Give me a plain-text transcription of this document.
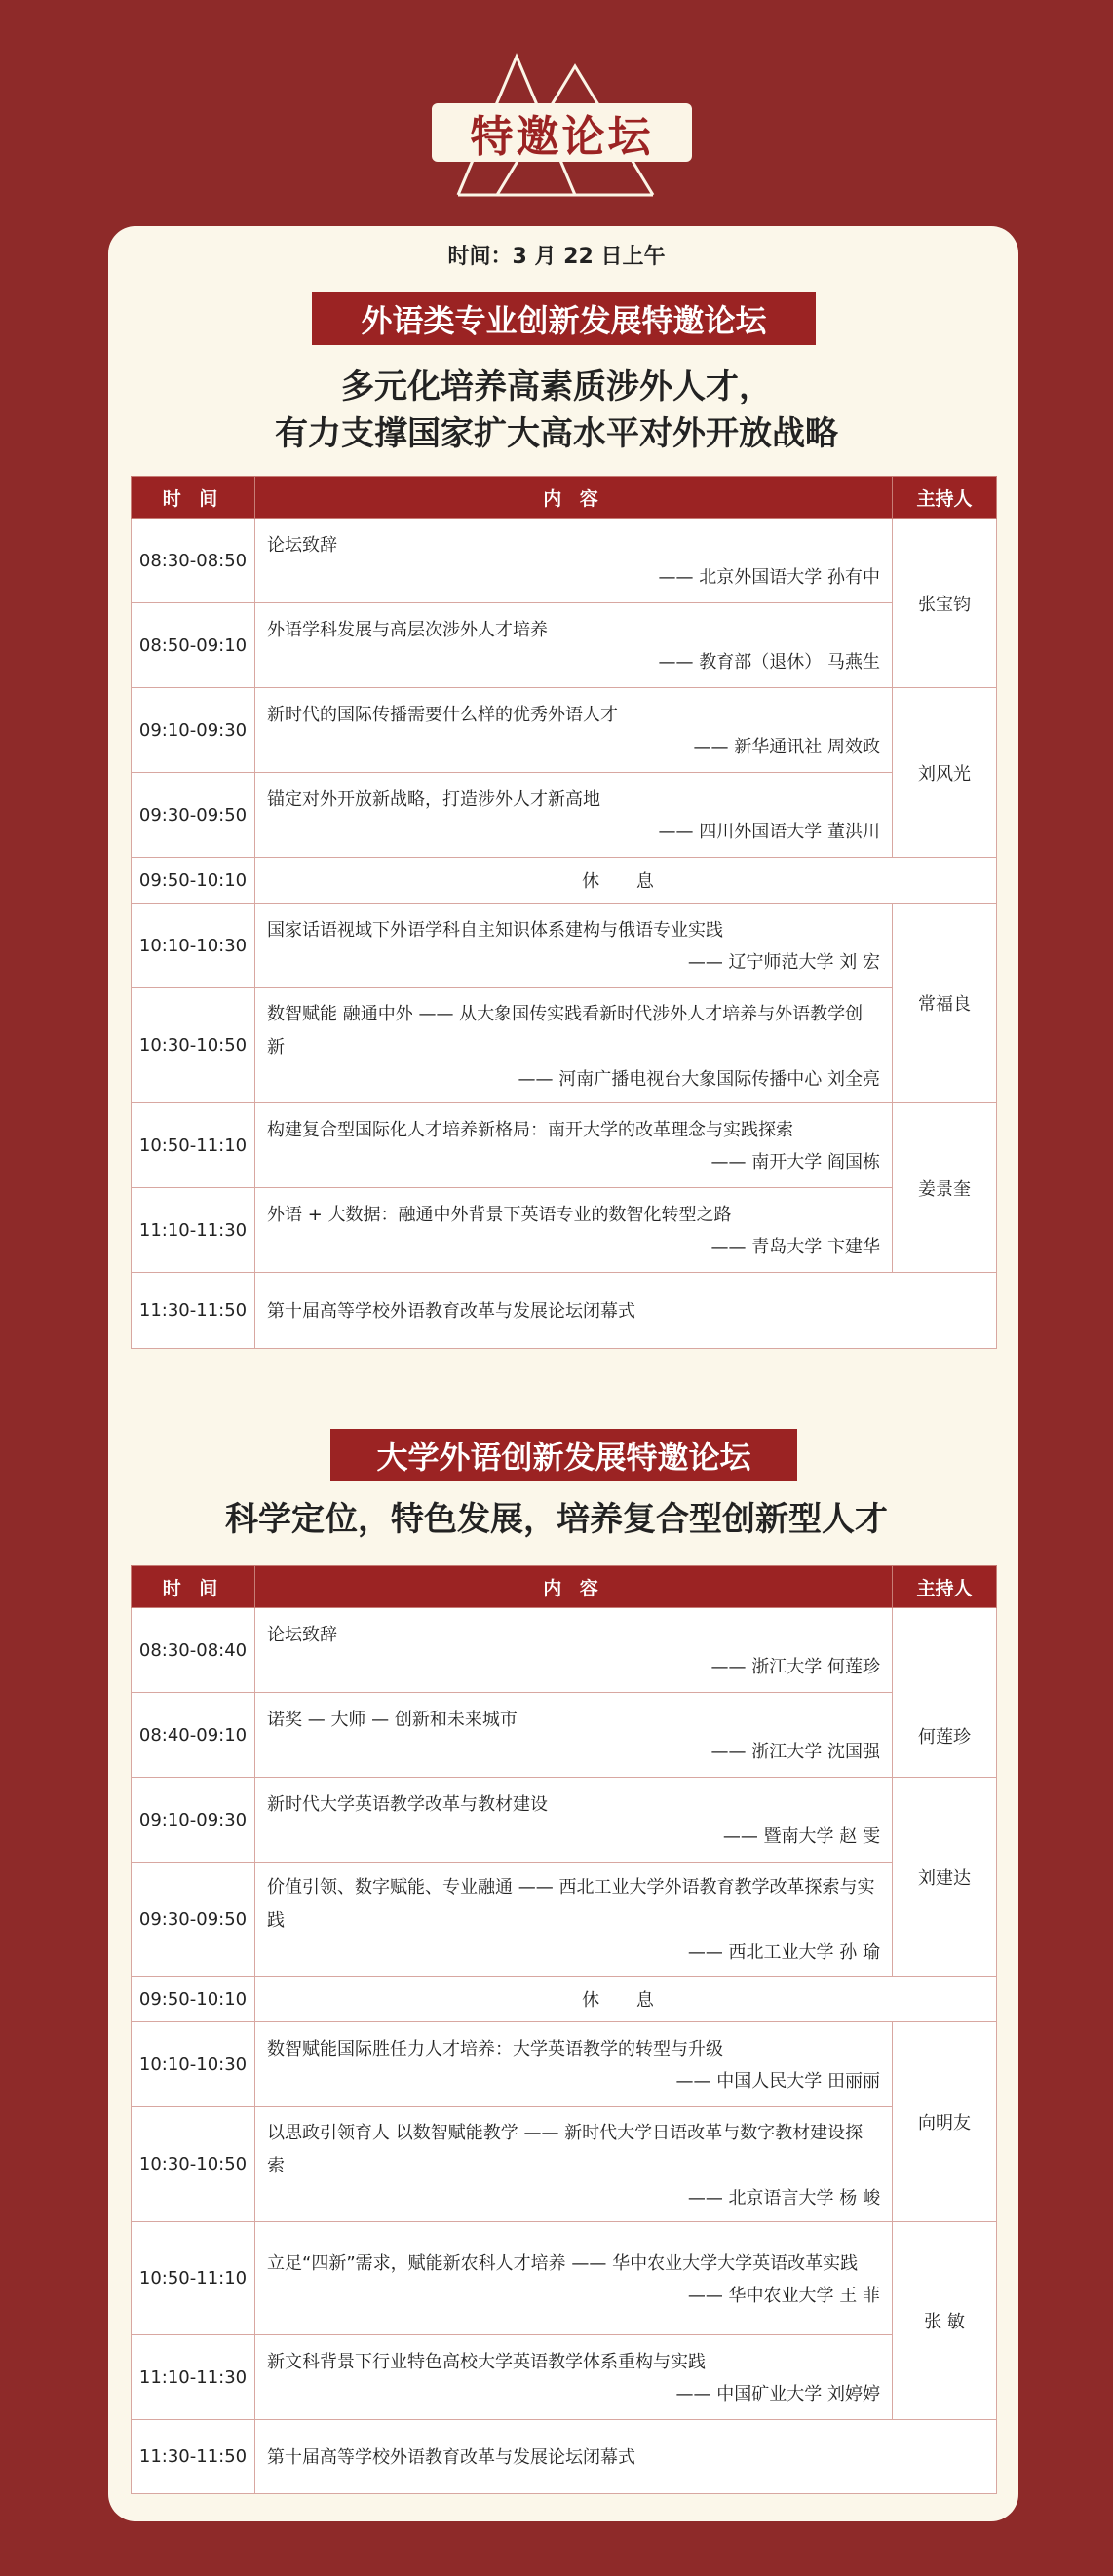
特邀论坛
时间：3 月 22 日上午
外语类专业创新发展特邀论坛
多元化培养高素质涉外人才，
有力支撑国家扩大高水平对外开放战略
时 间	内 容	主持人
08:30-08:50	论坛致辞
—— 北京外国语大学 孙有中	张宝钧
08:50-09:10	外语学科发展与高层次涉外人才培养
—— 教育部（退休） 马燕生	

09:10-09:30	新时代的国际传播需要什么样的优秀外语人才
—— 新华通讯社 周效政	刘风光
09:30-09:50	锚定对外开放新战略，打造涉外人才新高地
—— 四川外国语大学 董洪川	

09:50-10:10	休 息	
10:10-10:30	国家话语视域下外语学科自主知识体系建构与俄语专业实践
—— 辽宁师范大学 刘 宏	常福良
10:30-10:50	数智赋能 融通中外 —— 从大象国传实践看新时代涉外人才培养与外语教学创新
—— 河南广播电视台大象国际传播中心 刘全亮	

10:50-11:10	构建复合型国际化人才培养新格局：南开大学的改革理念与实践探索
—— 南开大学 阎国栋	姜景奎
11:10-11:30	外语 + 大数据：融通中外背景下英语专业的数智化转型之路
—— 青岛大学 卞建华	

11:30-11:50	第十届高等学校外语教育改革与发展论坛闭幕式	
大学外语创新发展特邀论坛
科学定位，特色发展，培养复合型创新型人才
时 间	内 容	主持人
08:30-08:40	论坛致辞
—— 浙江大学 何莲珍	何莲珍
08:40-09:10	诺奖 — 大师 — 创新和未来城市
—— 浙江大学 沈国强	

09:10-09:30	新时代大学英语教学改革与教材建设
—— 暨南大学 赵 雯	刘建达
09:30-09:50	价值引领、数字赋能、专业融通 —— 西北工业大学外语教育教学改革探索与实践
—— 西北工业大学 孙 瑜	

09:50-10:10	休 息	
10:10-10:30	数智赋能国际胜任力人才培养：大学英语教学的转型与升级
—— 中国人民大学 田丽丽	向明友
10:30-10:50	以思政引领育人 以数智赋能教学 —— 新时代大学日语改革与数字教材建设探索
—— 北京语言大学 杨 峻	

10:50-11:10	立足“四新”需求，赋能新农科人才培养 —— 华中农业大学大学英语改革实践
—— 华中农业大学 王 菲	张 敏
11:10-11:30	新文科背景下行业特色高校大学英语教学体系重构与实践
—— 中国矿业大学 刘婷婷	

11:30-11:50	第十届高等学校外语教育改革与发展论坛闭幕式	
